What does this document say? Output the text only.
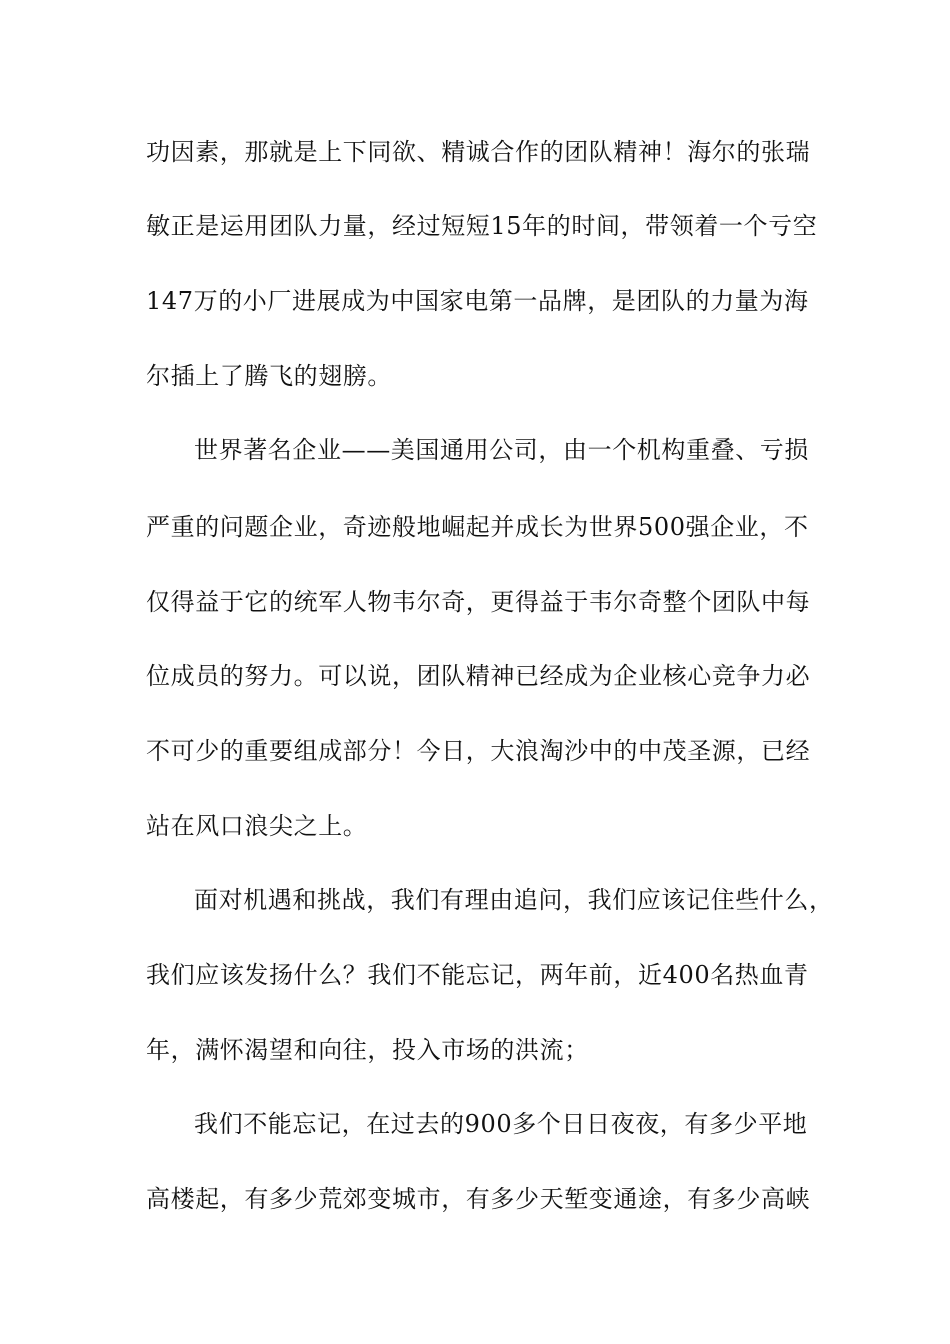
功因素，那就是上下同欲、精诚合作的团队精神！海尔的张瑞
敏正是运用团队力量，经过短短15年的时间，带领着一个亏空
147万的小厂进展成为中国家电第一品牌，是团队的力量为海
尔插上了腾飞的翅膀。
世界著名企业——美国通用公司，由一个机构重叠、亏损
严重的问题企业，奇迹般地崛起并成长为世界500强企业，不
仅得益于它的统军人物韦尔奇，更得益于韦尔奇整个团队中每
位成员的努力。可以说，团队精神已经成为企业核心竞争力必
不可少的重要组成部分！今日，大浪淘沙中的中茂圣源，已经
站在风口浪尖之上。
面对机遇和挑战，我们有理由追问，我们应该记住些什么，
我们应该发扬什么？我们不能忘记，两年前，近400名热血青
年，满怀渴望和向往，投入市场的洪流；
我们不能忘记，在过去的900多个日日夜夜，有多少平地
高楼起，有多少荒郊变城市，有多少天堑变通途，有多少高峡
